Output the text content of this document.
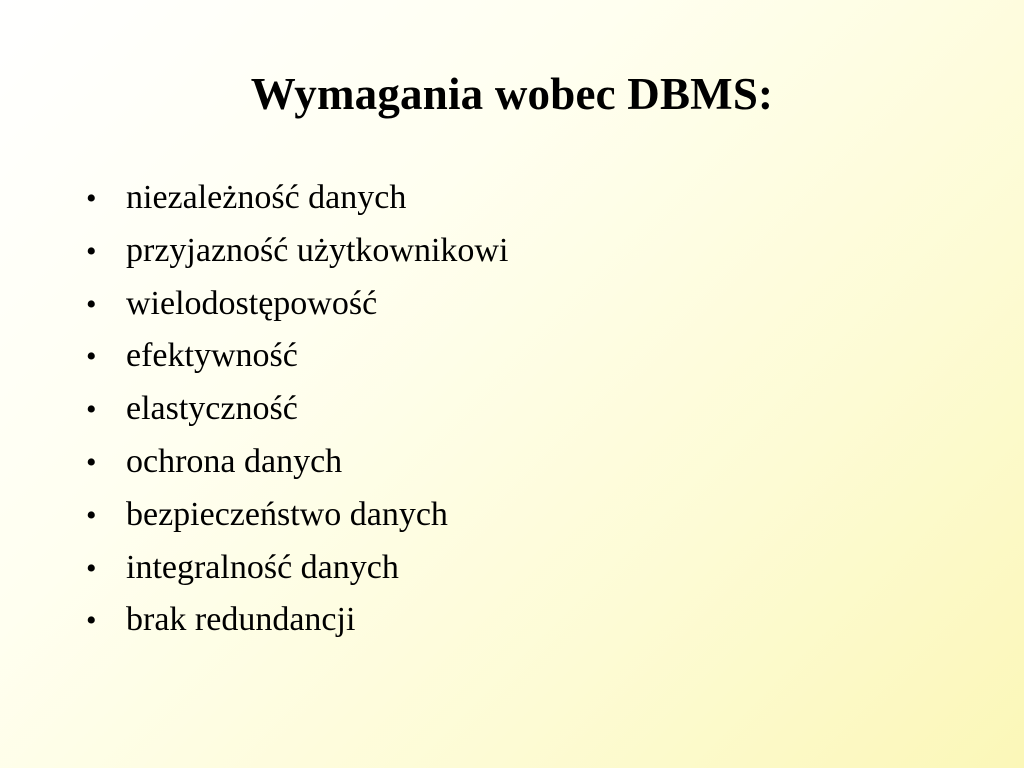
Wymagania wobec DBMS:
• niezależność danych
• przyjazność użytkownikowi
• wielodostępowość
• efektywność
• elastyczność
• ochrona danych
• bezpieczeństwo danych
• integralność danych
• brak redundancji
